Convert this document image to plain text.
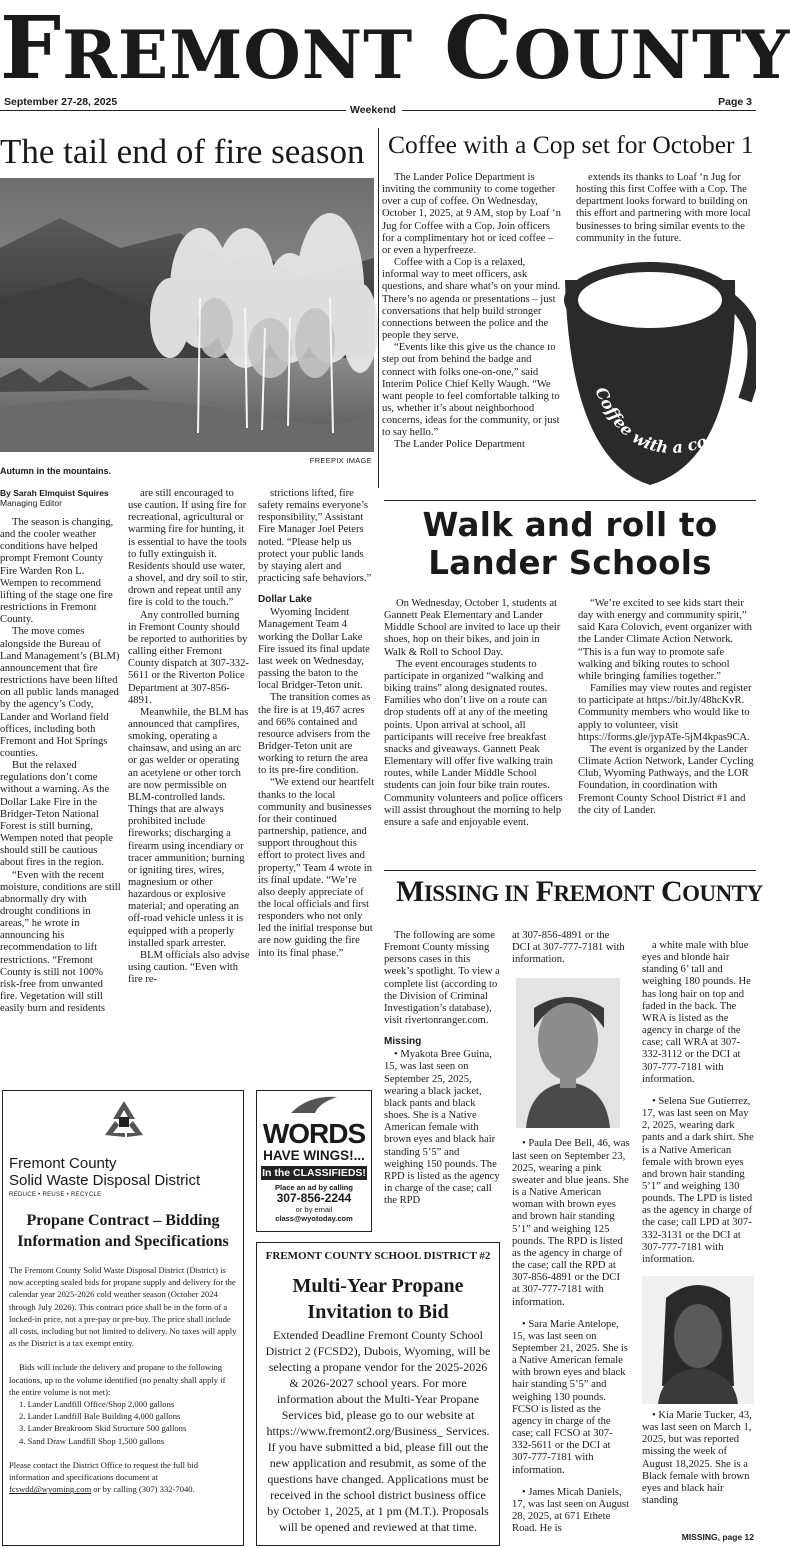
FREMONT COUNTY
September 27-28, 2025
Weekend
Page 3
The tail end of fire season
Autumn in the mountains.
FREEPIX IMAGE
By Sarah Elmquist Squires
Managing Editor

The season is changing, and the cooler weather conditions have helped prompt Fremont County Fire Warden Ron L. Wempen to recommend lifting of the stage one fire restrictions in Fremont County.

The move comes alongside the Bureau of Land Management’s (BLM) announcement that fire restrictions have been lifted on all public lands managed by the agency’s Cody, Lander and Worland field offices, including both Fremont and Hot Springs counties.

But the relaxed regulations don’t come without a warning. As the Dollar Lake Fire in the Bridger-Teton National Forest is still burning, Wempen noted that people should still be cautious about fires in the region.

“Even with the recent moisture, conditions are still abnormally dry with drought conditions in areas,” he wrote in announcing his recommendation to lift restrictions. “Fremont County is still not 100% risk-free from unwanted fire. Vegetation will still easily burn and residents

are still encouraged to use caution. If using fire for recreational, agricultural or warming fire for hunting, it is essential to have the tools to fully extinguish it. Residents should use water, a shovel, and dry soil to stir, drown and repeat until any fire is cold to the touch.”

Any controlled burning in Fremont County should be reported to authorities by calling either Fremont County dispatch at 307-332-5611 or the Riverton Police Department at 307-856-4891.

Meanwhile, the BLM has announced that campfires, smoking, operating a chainsaw, and using an arc or gas welder or operating an acetylene or other torch are now permissible on BLM-controlled lands. Things that are always prohibited include fireworks; discharging a firearm using incendiary or tracer ammunition; burning or igniting tires, wires, magnesium or other hazardous or explosive material; and operating an off-road vehicle unless it is equipped with a properly installed spark arrester.

BLM officials also advise using caution. “Even with fire re-

strictions lifted, fire safety remains everyone’s responsibility,” Assistant Fire Manager Joel Peters noted. “Please help us protect your public lands by staying alert and practicing safe behaviors.”

Dollar Lake

Wyoming Incident Management Team 4 working the Dollar Lake Fire issued its final update last week on Wednesday, passing the baton to the local Bridger-Teton unit.

The transition comes as the fire is at 19,467 acres and 66% contained and resource advisers from the Bridger-Teton unit are working to return the area to its pre-fire condition.

“We extend our heartfelt thanks to the local community and businesses for their continued partnership, patience, and support throughout this effort to protect lives and property,” Team 4 wrote in its final update. “We’re also deeply appreciate of the local officials and first responders who not only led the initial tresponse but are now guiding the fire into its final phase.”

Coffee with a Cop set for October 1

The Lander Police Department is inviting the community to come together over a cup of coffee. On Wednesday, October 1, 2025, at 9 AM, stop by Loaf ‘n Jug for Coffee with a Cop. Join officers for a complimentary hot or iced coffee – or even a hyperfreeze.

Coffee with a Cop is a relaxed, informal way to meet officers, ask questions, and share what’s on your mind. There’s no agenda or presentations – just conversations that help build stronger connections between the police and the people they serve.

“Events like this give us the chance to step out from behind the badge and connect with folks one-on-one,” said Interim Police Chief Kelly Waugh. “We want people to feel comfortable talking to us, whether it’s about neighborhood concerns, ideas for the community, or just to say hello.”

The Lander Police Department

extends its thanks to Loaf ‘n Jug for hosting this first Coffee with a Cop. The department looks forward to building on this effort and partnering with more local businesses to bring similar events to the community in the future.

Coffee with a co
Walk and roll to
Lander Schools

On Wednesday, October 1, students at Gannett Peak Elementary and Lander Middle School are invited to lace up their shoes, hop on their bikes, and join in Walk & Roll to School Day.

The event encourages students to participate in organized “walking and biking trains” along designated routes. Families who don’t live on a route can drop students off at any of the meeting points. Upon arrival at school, all participants will receive free breakfast snacks and giveaways. Gannett Peak Elementary will offer five walking train routes, while Lander Middle School students can join four bike train routes. Community volunteers and police officers will assist throughout the morning to help ensure a safe and enjoyable event.

“We’re excited to see kids start their day with energy and community spirit,” said Kara Colovich, event organizer with the Lander Climate Action Network. “This is a fun way to promote safe walking and biking routes to school while bringing families together.”

Families may view routes and register to participate at https://bit.ly/48hcKvR. Community members who would like to apply to volunteer, visit https://forms.gle/jypATe-5jM4kpas9CA.

The event is organized by the Lander Climate Action Network, Lander Cycling Club, Wyoming Pathways, and the LOR Foundation, in coordination with Fremont County School District #1 and the city of Lander.

MISSING IN FREMONT COUNTY

The following are some Fremont County missing persons cases in this week’s spotlight. To view a complete list (according to the Division of Criminal Investigation’s database), visit rivertonranger.com.

Missing

• Myakota Bree Guina, 15, was last seen on September 25, 2025, wearing a black jacket, black pants and black shoes. She is a Native American female with brown eyes and black hair standing 5’5” and weighing 150 pounds. The RPD is listed as the agency in charge of the case; call the RPD

at 307-856-4891 or the DCI at 307-777-7181 with information.

• Paula Dee Bell, 46, was last seen on September 23, 2025, wearing a pink sweater and blue jeans. She is a Native American woman with brown eyes and brown hair standing 5’1” and weighing 125 pounds. The RPD is listed as the agency in charge of the case; call the RPD at 307-856-4891 or the DCI at 307-777-7181 with information.

• Sara Marie Antelope, 15, was last seen on September 21, 2025. She is a Native American female with brown eyes and black hair standing 5’5” and weighing 130 pounds. FCSO is listed as the agency in charge of the case; call FCSO at 307-332-5611 or the DCI at 307-777-7181 with information.

• James Micah Daniels, 17, was last seen on August 28, 2025, at 671 Ethete Road. He is

a white male with blue eyes and blonde hair standing 6’ tall and weighing 180 pounds. He has long hair on top and faded in the back. The WRA is listed as the agency in charge of the case; call WRA at 307-332-3112 or the DCI at 307-777-7181 with information.

• Selena Sue Gutierrez, 17, was last seen on May 2, 2025, wearing dark pants and a dark shirt. She is a Native American female with brown eyes and brown hair standing 5’1” and weighing 130 pounds. The LPD is listed as the agency in charge of the case; call LPD at 307-332-3131 or the DCI at 307-777-7181 with information.

• Kia Marie Tucker, 43, was last seen on March 1, 2025, but was reported missing the week of August 18,2025. She is a Black female with brown eyes and black hair standing

MISSING, page 12
Fremont County
Solid Waste Disposal District
REDUCE • REUSE • RECYCLE
Propane Contract – Bidding
Information and Specifications

The Fremont County Solid Waste Disposal District (District) is now accepting sealed bids for propane supply and delivery for the calendar year 2025-2026 cold weather season (October 2024 through July 2026). This contract price shall be in the form of a locked-in price, not a pre-pay or pre-buy. The price shall include all costs, including but not limited to delivery. No taxes will apply as the District is a tax exempt entity.

Bids will include the delivery and propane to the following locations, up to the volume identified (no penalty shall apply if the entire volume is not met):

1. Lander Landfill Office/Shop 2,000 gallons
2. Lander Landfill Bale Building 4,000 gallons
3. Lander Breakroom Skid Structure 500 gallons
4. Sand Draw Landfill Shop 1,500 gallons

Please contact the District Office to request the full bid information and specifications document at fcswdd@wyoming.com or by calling (307) 332-7040.

WORDS
HAVE WINGS!...
In the CLASSIFIEDS!
Place an ad by calling
307-856-2244
or by email
class@wyotoday.com
FREMONT COUNTY SCHOOL DISTRICT #2
Multi-Year Propane
Invitation to Bid
Extended Deadline Fremont County School District 2 (FCSD2), Dubois, Wyoming, will be selecting a propane vendor for the 2025-2026 & 2026-2027 school years. For more information about the Multi-Year Propane Services bid, please go to our website at https://www.fremont2.org/Business_ Services. If you have submitted a bid, please fill out the new application and resubmit, as some of the questions have changed. Applications must be received in the school district business office by October 1, 2025, at 1 pm (M.T.). Proposals will be opened and reviewed at that time.
